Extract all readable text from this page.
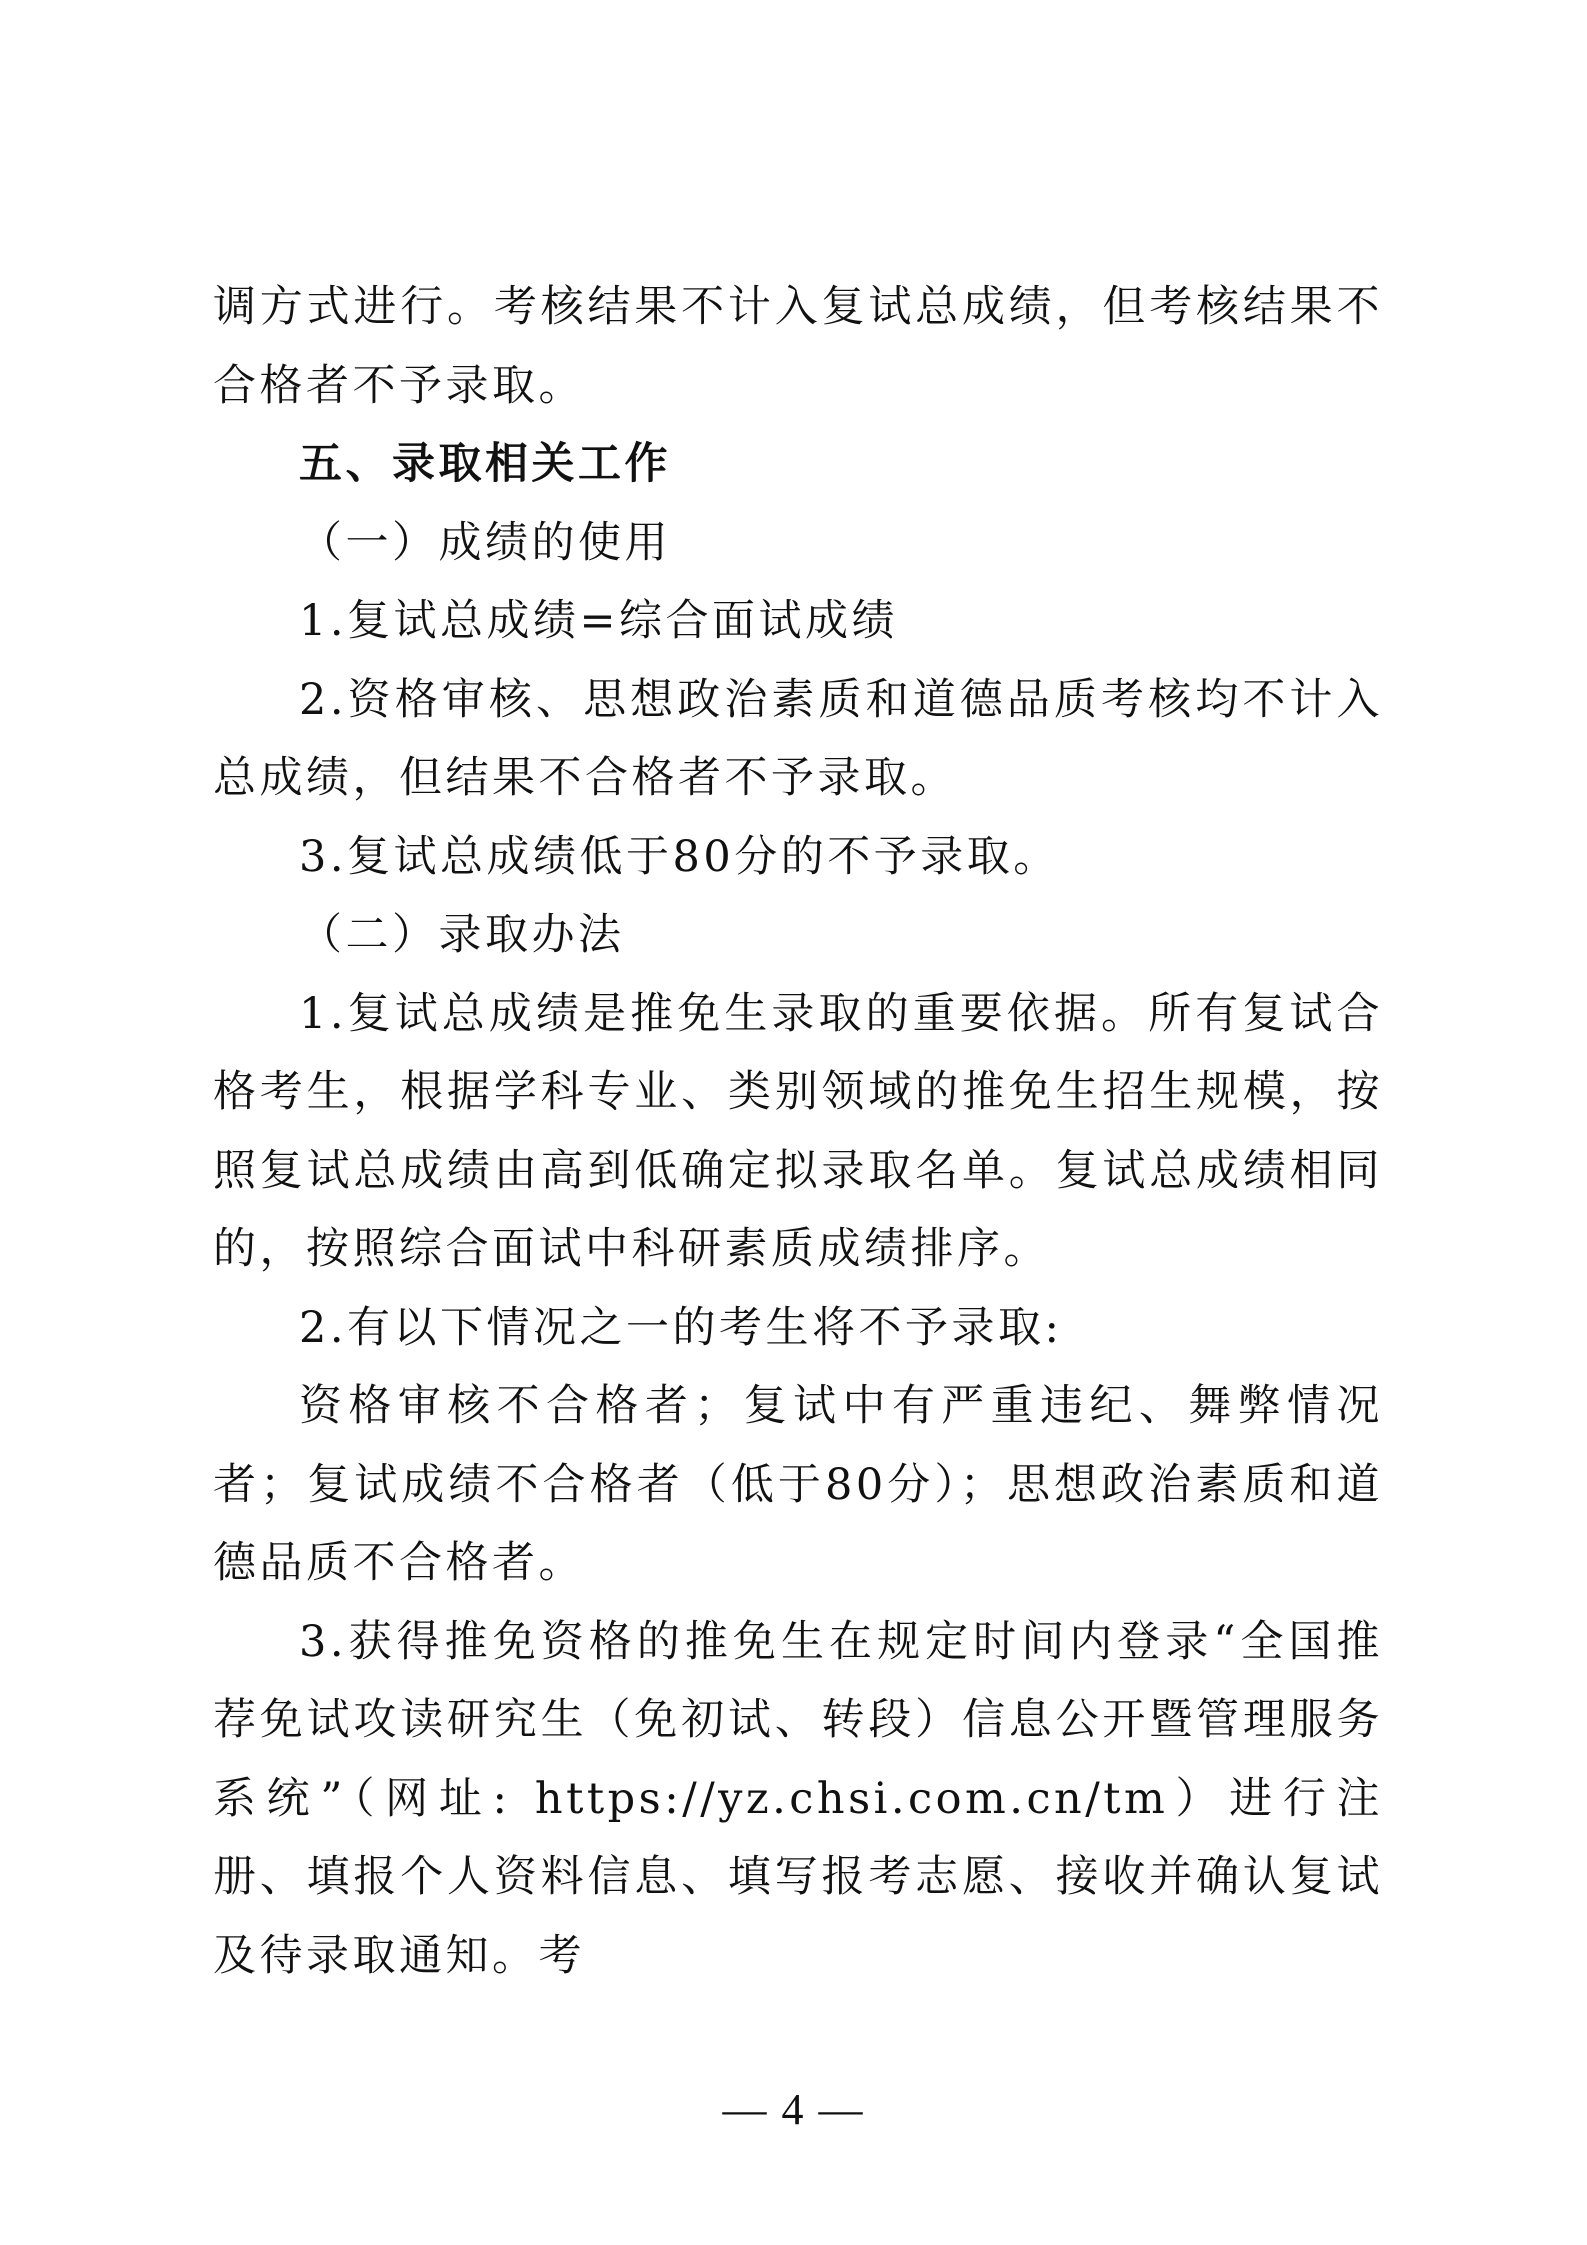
调方式进行。考核结果不计入复试总成绩，但考核结果不合格者不予录取。

五、录取相关工作

（一）成绩的使用

1.复试总成绩=综合面试成绩

2.资格审核、思想政治素质和道德品质考核均不计入总成绩，但结果不合格者不予录取。

3.复试总成绩低于80分的不予录取。

（二）录取办法

1.复试总成绩是推免生录取的重要依据。所有复试合格考生，根据学科专业、类别领域的推免生招生规模，按照复试总成绩由高到低确定拟录取名单。复试总成绩相同的，按照综合面试中科研素质成绩排序。

2.有以下情况之一的考生将不予录取:

资格审核不合格者；复试中有严重违纪、舞弊情况者；复试成绩不合格者（低于80分）；思想政治素质和道德品质不合格者。

3.获得推免资格的推免生在规定时间内登录“全国推荐免试攻读研究生（免初试、转段）信息公开暨管理服务系统”（网址: https://yz.chsi.com.cn/tm）进行注册、填报个人资料信息、填写报考志愿、接收并确认复试及待录取通知。考

— 4 —
